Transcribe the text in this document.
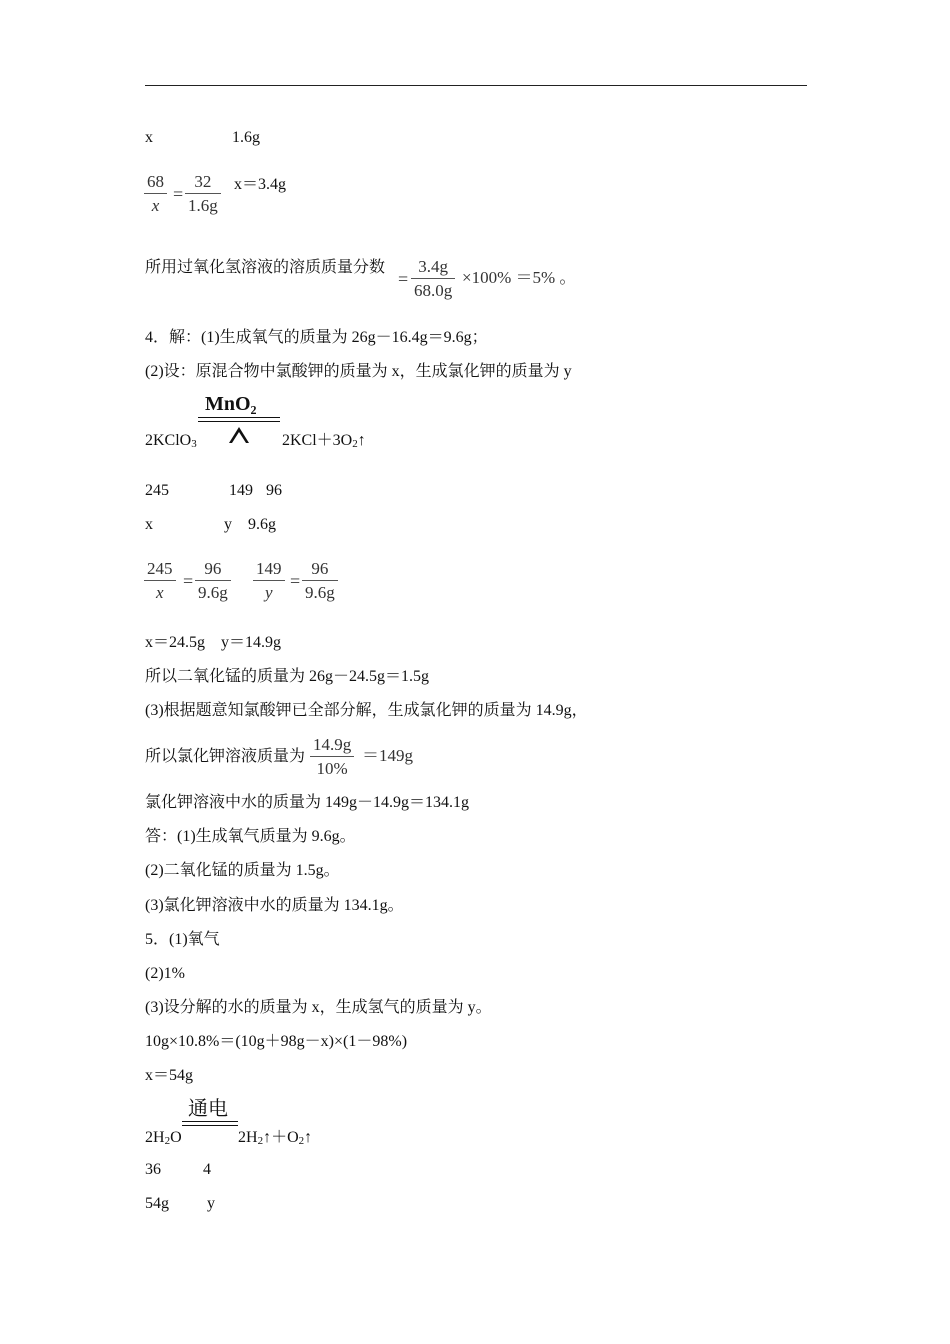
x	1.6g
68
x
=
32
1.6g
x＝3.4g
所用过氧化氢溶液的溶质质量分数
=
3.4g
68.0g
×100% ＝5% 。
4．解：(1)生成氧气的质量为 26g－16.4g＝9.6g；
(2)设：原混合物中氯酸钾的质量为 x，生成氯化钾的质量为 y
MnO₂
2KClO$_3$	$2KCl+3O_2↑$
245	149 96
x	y 9.6g
245
x
=
96
9.6g
149
y
=
96
9.6g
x＝24.5g    y＝14.9g
所以二氧化锰的质量为 26g－24.5g＝1.5g
(3)根据题意知氯酸钾已全部分解，生成氯化钾的质量为 14.9g，
所以氯化钾溶液质量为
14.9g
10%
＝149g
氯化钾溶液中水的质量为 149g－14.9g＝134.1g
答：(1)生成氧气质量为 9.6g。
(2)二氧化锰的质量为 1.5g。
(3)氯化钾溶液中水的质量为 134.1g。
5．(1)氧气
(2)1%
(3)设分解的水的质量为 x，生成氢气的质量为 y。
10g×10.8%＝(10g＋98g－x)×(1－98%)
x＝54g
通电
$2H_2O$	$2H_2↑+O_2↑$
36	4
54g y
